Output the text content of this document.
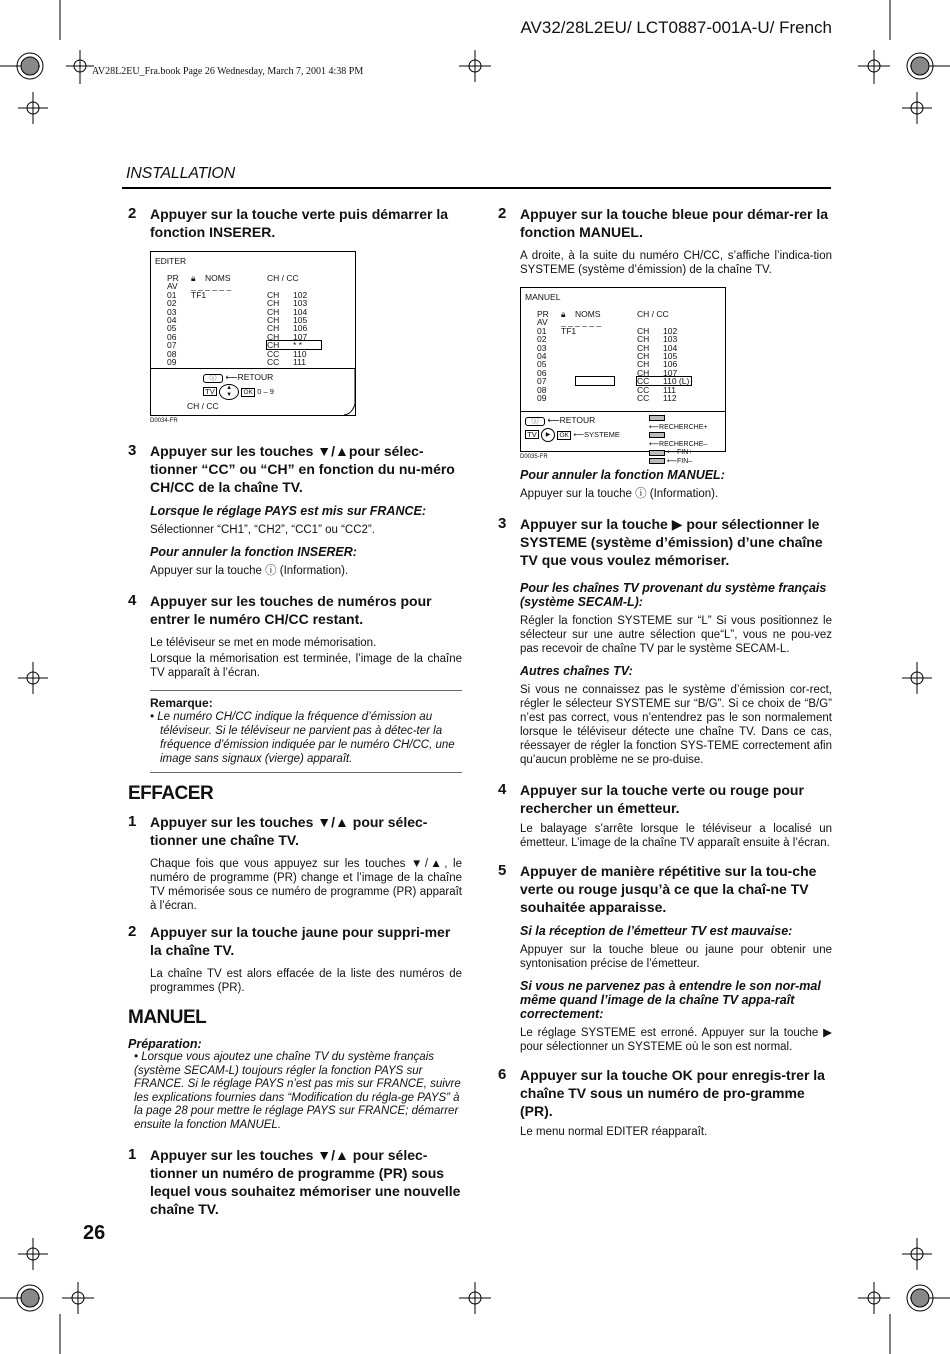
AV32/28L2EU/ LCT0887-001A-U/ French
AV28L2EU_Fra.book Page 26 Wednesday, March 7, 2001 4:38 PM
INSTALLATION
2 Appuyer sur la touche verte puis démarrer la fonction INSERER.
EDITER
PR	🔒︎	NOMS	CH / CC
AV	_ _ _ _ _ _
01	TF1	CH	102
02	CH	103
03	CH	104
04	CH	105
05	CH	106
06	CH	107
07	CH	* *
08	CC	110
09	CC	111
ⓘ ⟵RETOUR
TV ▲
▼ OK 0 – 9
CH / CC
D0034-FR
3 Appuyer sur les touches ▼/▲pour sélec-tionner “CC” ou “CH” en fonction du nu-méro CH/CC de la chaîne TV.
Lorsque le réglage PAYS est mis sur FRANCE:

Sélectionner “CH1”, “CH2”, “CC1” ou “CC2”.

Pour annuler la fonction INSERER:

Appuyer sur la touche ⓘ (Information).

4 Appuyer sur les touches de numéros pour entrer le numéro CH/CC restant.

Le téléviseur se met en mode mémorisation.

Lorsque la mémorisation est terminée, l’image de la chaîne TV apparaît à l’écran.

Remarque:
• Le numéro CH/CC indique la fréquence d’émission au téléviseur. Si le téléviseur ne parvient pas à détec-ter la fréquence d’émission indiquée par le numéro CH/CC, une image sans signaux (vierge) apparaît.
EFFACER
1 Appuyer sur les touches ▼/▲ pour sélec-tionner une chaîne TV.

Chaque fois que vous appuyez sur les touches ▼/▲, le numéro de programme (PR) change et l’image de la chaîne TV mémorisée sous ce numéro de programme (PR) apparaît à l’écran.

2 Appuyer sur la touche jaune pour suppri-mer la chaîne TV.

La chaîne TV est alors effacée de la liste des numéros de programmes (PR).

MANUEL
Préparation:
• Lorsque vous ajoutez une chaîne TV du système français (système SECAM-L) toujours régler la fonction PAYS sur FRANCE. Si le réglage PAYS n’est pas mis sur FRANCE, suivre les explications fournies dans “Modification du régla-ge PAYS” à la page 28 pour mettre le réglage PAYS sur FRANCE; démarrer ensuite la fonction MANUEL.
1 Appuyer sur les touches ▼/▲ pour sélec-tionner un numéro de programme (PR) sous lequel vous souhaitez mémoriser une nouvelle chaîne TV.
26
2 Appuyer sur la touche bleue pour démar-rer la fonction MANUEL.

A droite, à la suite du numéro CH/CC, s’affiche l’indica-tion SYSTEME (système d’émission) de la chaîne TV.

MANUEL
PR	🔒︎	NOMS	CH / CC
AV	_ _ _ _ _ _
01	TF1	CH	102
02	CH	103
03	CH	104
04	CH	105
05	CH	106
06	CH	107
07	CC	110 (L)
08	CC	111
09	CC	112
ⓘ ⟵RETOUR
TV ▶ OK ⟵SYSTEME
⟵RECHERCHE+
⟵RECHERCHE–
⟵FIN+
⟵FIN–
D0035-FR
Pour annuler la fonction MANUEL:

Appuyer sur la touche ⓘ (Information).

3 Appuyer sur la touche ▶ pour sélectionner le SYSTEME (système d’émission) d’une chaîne TV que vous voulez mémoriser.
Pour les chaînes TV provenant du système français (système SECAM-L):

Régler la fonction SYSTEME sur “L” Si vous positionnez le sélecteur sur une autre sélection que“L”, vous ne pou-vez pas recevoir de chaîne TV par le système SECAM-L.

Autres chaînes TV:

Si vous ne connaissez pas le système d’émission cor-rect, régler le sélecteur SYSTEME sur “B/G”. Si ce choix de “B/G” n’est pas correct, vous n’entendrez pas le son normalement lorsque le téléviseur détecte une chaîne TV. Dans ce cas, réessayer de régler la fonction SYS-TEME correctement afin qu’aucun problème ne se pro-duise.

4 Appuyer sur la touche verte ou rouge pour rechercher un émetteur.

Le balayage s’arrête lorsque le téléviseur a localisé un émetteur. L’image de la chaîne TV apparaît ensuite à l’écran.

5 Appuyer de manière répétitive sur la tou-che verte ou rouge jusqu’à ce que la chaî-ne TV souhaitée apparaisse.
Si la réception de l’émetteur TV est mauvaise:

Appuyer sur la touche bleue ou jaune pour obtenir une syntonisation précise de l’émetteur.

Si vous ne parvenez pas à entendre le son nor-mal même quand l’image de la chaîne TV appa-raît correctement:

Le réglage SYSTEME est erroné. Appuyer sur la touche ▶ pour sélectionner un SYSTEME où le son est normal.

6 Appuyer sur la touche OK pour enregis-trer la chaîne TV sous un numéro de pro-gramme (PR).

Le menu normal EDITER réapparaît.
